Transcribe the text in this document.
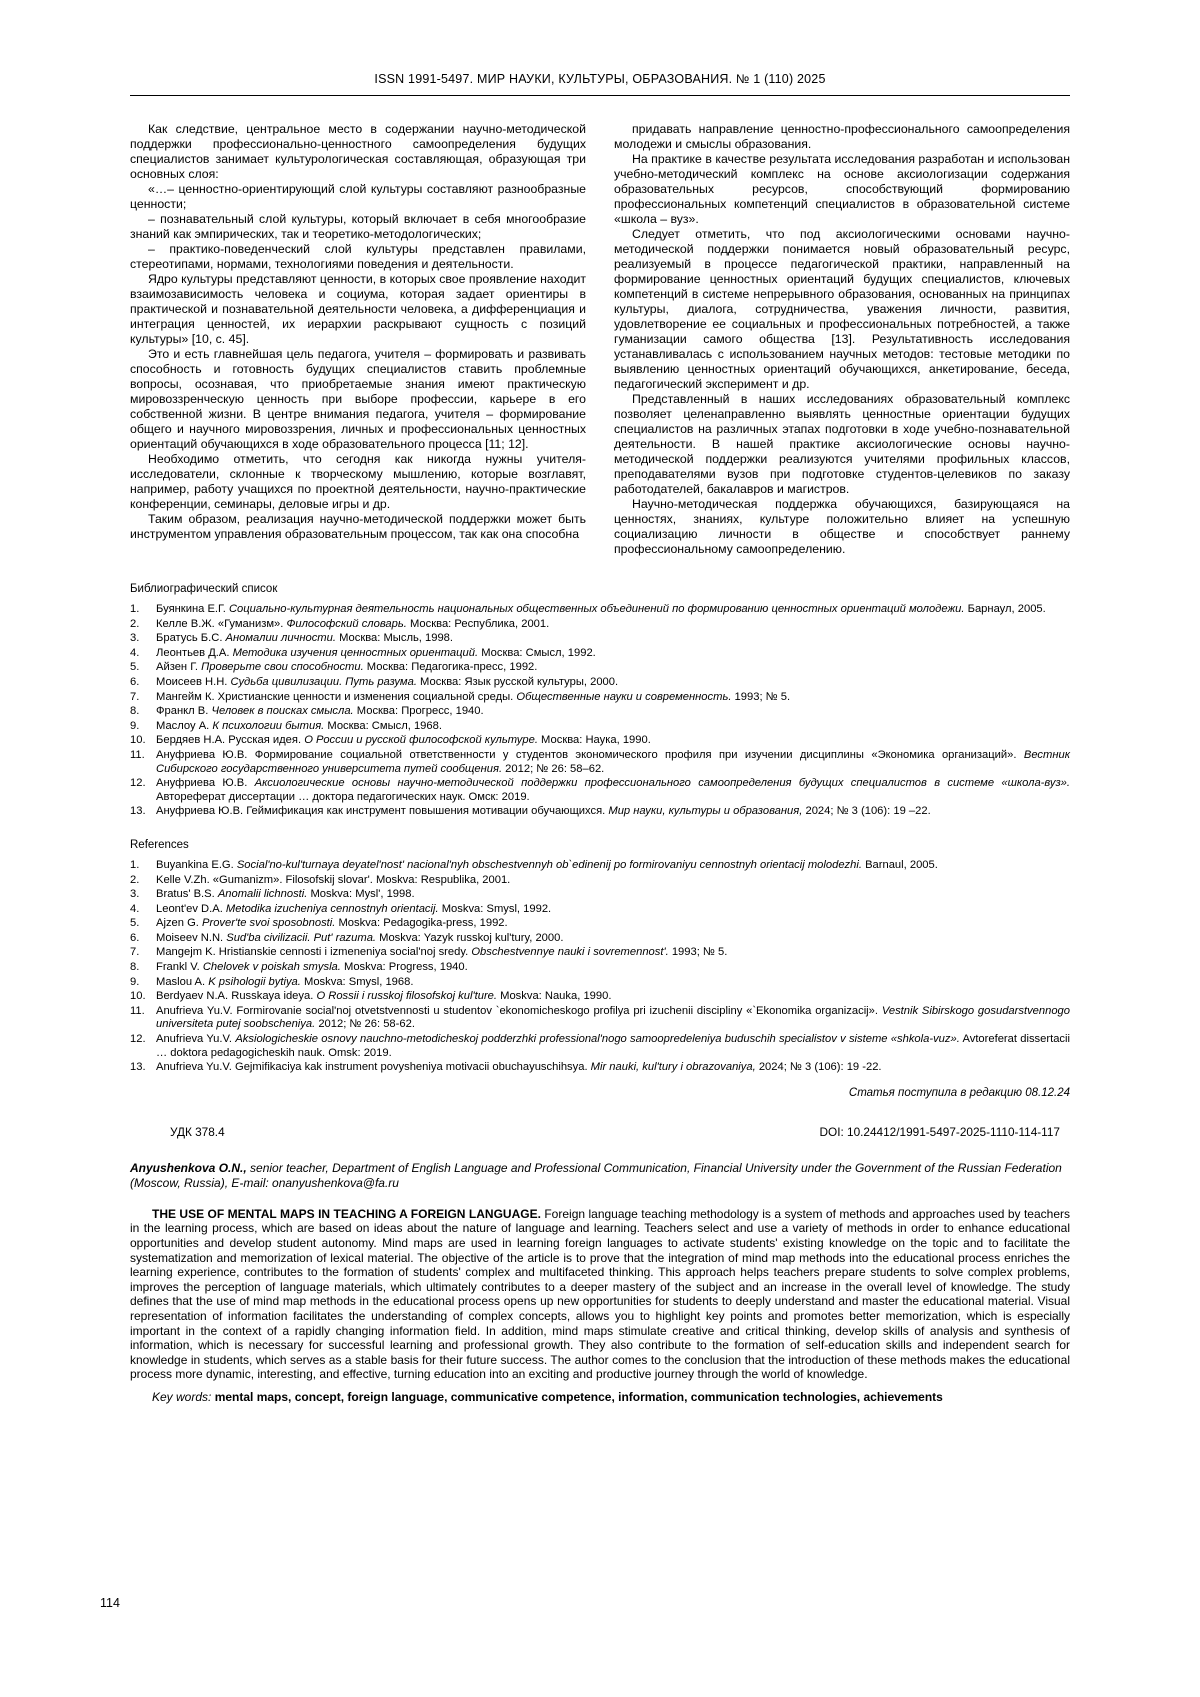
ISSN 1991-5497. МИР НАУКИ, КУЛЬТУРЫ, ОБРАЗОВАНИЯ. № 1 (110) 2025

Как следствие, центральное место в содержании научно-методической поддержки профессионально-ценностного самоопределения будущих специалистов занимает культурологическая составляющая, образующая три основных слоя:

«…– ценностно-ориентирующий слой культуры составляют разнообразные ценности;

– познавательный слой культуры, который включает в себя многообразие знаний как эмпирических, так и теоретико-методологических;

– практико-поведенческий слой культуры представлен правилами, стереотипами, нормами, технологиями поведения и деятельности.

Ядро культуры представляют ценности, в которых свое проявление находит взаимозависимость человека и социума, которая задает ориентиры в практической и познавательной деятельности человека, а дифференциация и интеграция ценностей, их иерархии раскрывают сущность с позиций культуры» [10, с. 45].

Это и есть главнейшая цель педагога, учителя – формировать и развивать способность и готовность будущих специалистов ставить проблемные вопросы, осознавая, что приобретаемые знания имеют практическую мировоззренческую ценность при выборе профессии, карьере в его собственной жизни. В центре внимания педагога, учителя – формирование общего и научного мировоззрения, личных и профессиональных ценностных ориентаций обучающихся в ходе образовательного процесса [11; 12].

Необходимо отметить, что сегодня как никогда нужны учителя-исследователи, склонные к творческому мышлению, которые возглавят, например, работу учащихся по проектной деятельности, научно-практические конференции, семинары, деловые игры и др.

Таким образом, реализация научно-методической поддержки может быть инструментом управления образовательным процессом, так как она способна

придавать направление ценностно-профессионального самоопределения молодежи и смыслы образования.

На практике в качестве результата исследования разработан и использован учебно-методический комплекс на основе аксиологизации содержания образовательных ресурсов, способствующий формированию профессиональных компетенций специалистов в образовательной системе «школа – вуз».

Следует отметить, что под аксиологическими основами научно-методической поддержки понимается новый образовательный ресурс, реализуемый в процессе педагогической практики, направленный на формирование ценностных ориентаций будущих специалистов, ключевых компетенций в системе непрерывного образования, основанных на принципах культуры, диалога, сотрудничества, уважения личности, развития, удовлетворение ее социальных и профессиональных потребностей, а также гуманизации самого общества [13]. Результативность исследования устанавливалась с использованием научных методов: тестовые методики по выявлению ценностных ориентаций обучающихся, анкетирование, беседа, педагогический эксперимент и др.

Представленный в наших исследованиях образовательный комплекс позволяет целенаправленно выявлять ценностные ориентации будущих специалистов на различных этапах подготовки в ходе учебно-познавательной деятельности. В нашей практике аксиологические основы научно-методической поддержки реализуются учителями профильных классов, преподавателями вузов при подготовке студентов-целевиков по заказу работодателей, бакалавров и магистров.

Научно-методическая поддержка обучающихся, базирующаяся на ценностях, знаниях, культуре положительно влияет на успешную социализацию личности в обществе и способствует раннему профессиональному самоопределению.

Библиографический список
1.	Буянкина Е.Г. Социально-культурная деятельность национальных общественных объединений по формированию ценностных ориентаций молодежи. Барнаул, 2005.
2.	Келле В.Ж. «Гуманизм». Философский словарь. Москва: Республика, 2001.
3.	Братусь Б.С. Аномалии личности. Москва: Мысль, 1998.
4.	Леонтьев Д.А. Методика изучения ценностных ориентаций. Москва: Смысл, 1992.
5.	Айзен Г. Проверьте свои способности. Москва: Педагогика-пресс, 1992.
6.	Моисеев Н.Н. Судьба цивилизации. Путь разума. Москва: Язык русской культуры, 2000.
7.	Мангейм К. Христианские ценности и изменения социальной среды. Общественные науки и современность. 1993; № 5.
8.	Франкл В. Человек в поисках смысла. Москва: Прогресс, 1940.
9.	Маслоу А. К психологии бытия. Москва: Смысл, 1968.
10. Бердяев Н.А. Русская идея. О России и русской философской культуре. Москва: Наука, 1990.
11.	Ануфриева Ю.В. Формирование социальной ответственности у студентов экономического профиля при изучении дисциплины «Экономика организаций». Вестник Сибирского государственного университета путей сообщения. 2012; № 26: 58–62.
12. Ануфриева Ю.В. Аксиологические основы научно-методической поддержки профессионального самоопределения будущих специалистов в системе «школа-вуз». Автореферат диссертации … доктора педагогических наук. Омск: 2019.
13. Ануфриева Ю.В. Геймификация как инструмент повышения мотивации обучающихся. Мир науки, культуры и образования, 2024; № 3 (106): 19 –22.
References
1.	Buyankina E.G. Social'no-kul'turnaya deyatel'nost' nacional'nyh obschestvennyh ob`edinenij po formirovaniyu cennostnyh orientacij molodezhi. Barnaul, 2005.
2.	Kelle V.Zh. «Gumanizm». Filosofskij slovar'. Moskva: Respublika, 2001.
3.	Bratus' B.S. Anomalii lichnosti. Moskva: Mysl', 1998.
4.	Leont'ev D.A. Metodika izucheniya cennostnyh orientacij. Moskva: Smysl, 1992.
5.	Ajzen G. Prover'te svoi sposobnosti. Moskva: Pedagogika-press, 1992.
6.	Moiseev N.N. Sud'ba civilizacii. Put' razuma. Moskva: Yazyk russkoj kul'tury, 2000.
7.	Mangejm K. Hristianskie cennosti i izmeneniya social'noj sredy. Obschestvennye nauki i sovremennost'. 1993; № 5.
8.	Frankl V. Chelovek v poiskah smysla. Moskva: Progress, 1940.
9.	Maslou A. K psihologii bytiya. Moskva: Smysl, 1968.
10. Berdyaev N.A. Russkaya ideya. O Rossii i russkoj filosofskoj kul'ture. Moskva: Nauka, 1990.
11.	Anufrieva Yu.V. Formirovanie social'noj otvetstvennosti u studentov `ekonomicheskogo profilya pri izuchenii discipliny «`Ekonomika organizacij». Vestnik Sibirskogo gosudarstvennogo universiteta putej soobscheniya. 2012; № 26: 58-62.
12. Anufrieva Yu.V. Aksiologicheskie osnovy nauchno-metodicheskoj podderzhki professional'nogo samoopredeleniya buduschih specialistov v sisteme «shkola-vuz». Avtoreferat dissertacii … doktora pedagogicheskih nauk. Omsk: 2019.
13. Anufrieva Yu.V. Gejmifikaciya kak instrument povysheniya motivacii obuchayuschihsya. Mir nauki, kul'tury i obrazovaniya, 2024; № 3 (106): 19 -22.
Статья поступила в редакцию 08.12.24
УДК 378.4	DOI: 10.24412/1991-5497-2025-1110-114-117
Anyushenkova O.N., senior teacher, Department of English Language and Professional Communication, Financial University under the Government of the Russian Federation (Moscow, Russia), E-mail: onanyushenkova@fa.ru
THE USE OF MENTAL MAPS IN TEACHING A FOREIGN LANGUAGE. Foreign language teaching methodology is a system of methods and approaches used by teachers in the learning process, which are based on ideas about the nature of language and learning. Teachers select and use a variety of methods in order to enhance educational opportunities and develop student autonomy. Mind maps are used in learning foreign languages to activate students' existing knowledge on the topic and to facilitate the systematization and memorization of lexical material. The objective of the article is to prove that the integration of mind map methods into the educational process enriches the learning experience, contributes to the formation of students' complex and multifaceted thinking. This approach helps teachers prepare students to solve complex problems, improves the perception of language materials, which ultimately contributes to a deeper mastery of the subject and an increase in the overall level of knowledge. The study defines that the use of mind map methods in the educational process opens up new opportunities for students to deeply understand and master the educational material. Visual representation of information facilitates the understanding of complex concepts, allows you to highlight key points and promotes better memorization, which is especially important in the context of a rapidly changing information field. In addition, mind maps stimulate creative and critical thinking, develop skills of analysis and synthesis of information, which is necessary for successful learning and professional growth. They also contribute to the formation of self-education skills and independent search for knowledge in students, which serves as a stable basis for their future success. The author comes to the conclusion that the introduction of these methods makes the educational process more dynamic, interesting, and effective, turning education into an exciting and productive journey through the world of knowledge.
Key words: mental maps, concept, foreign language, communicative competence, information, communication technologies, achievements
114
